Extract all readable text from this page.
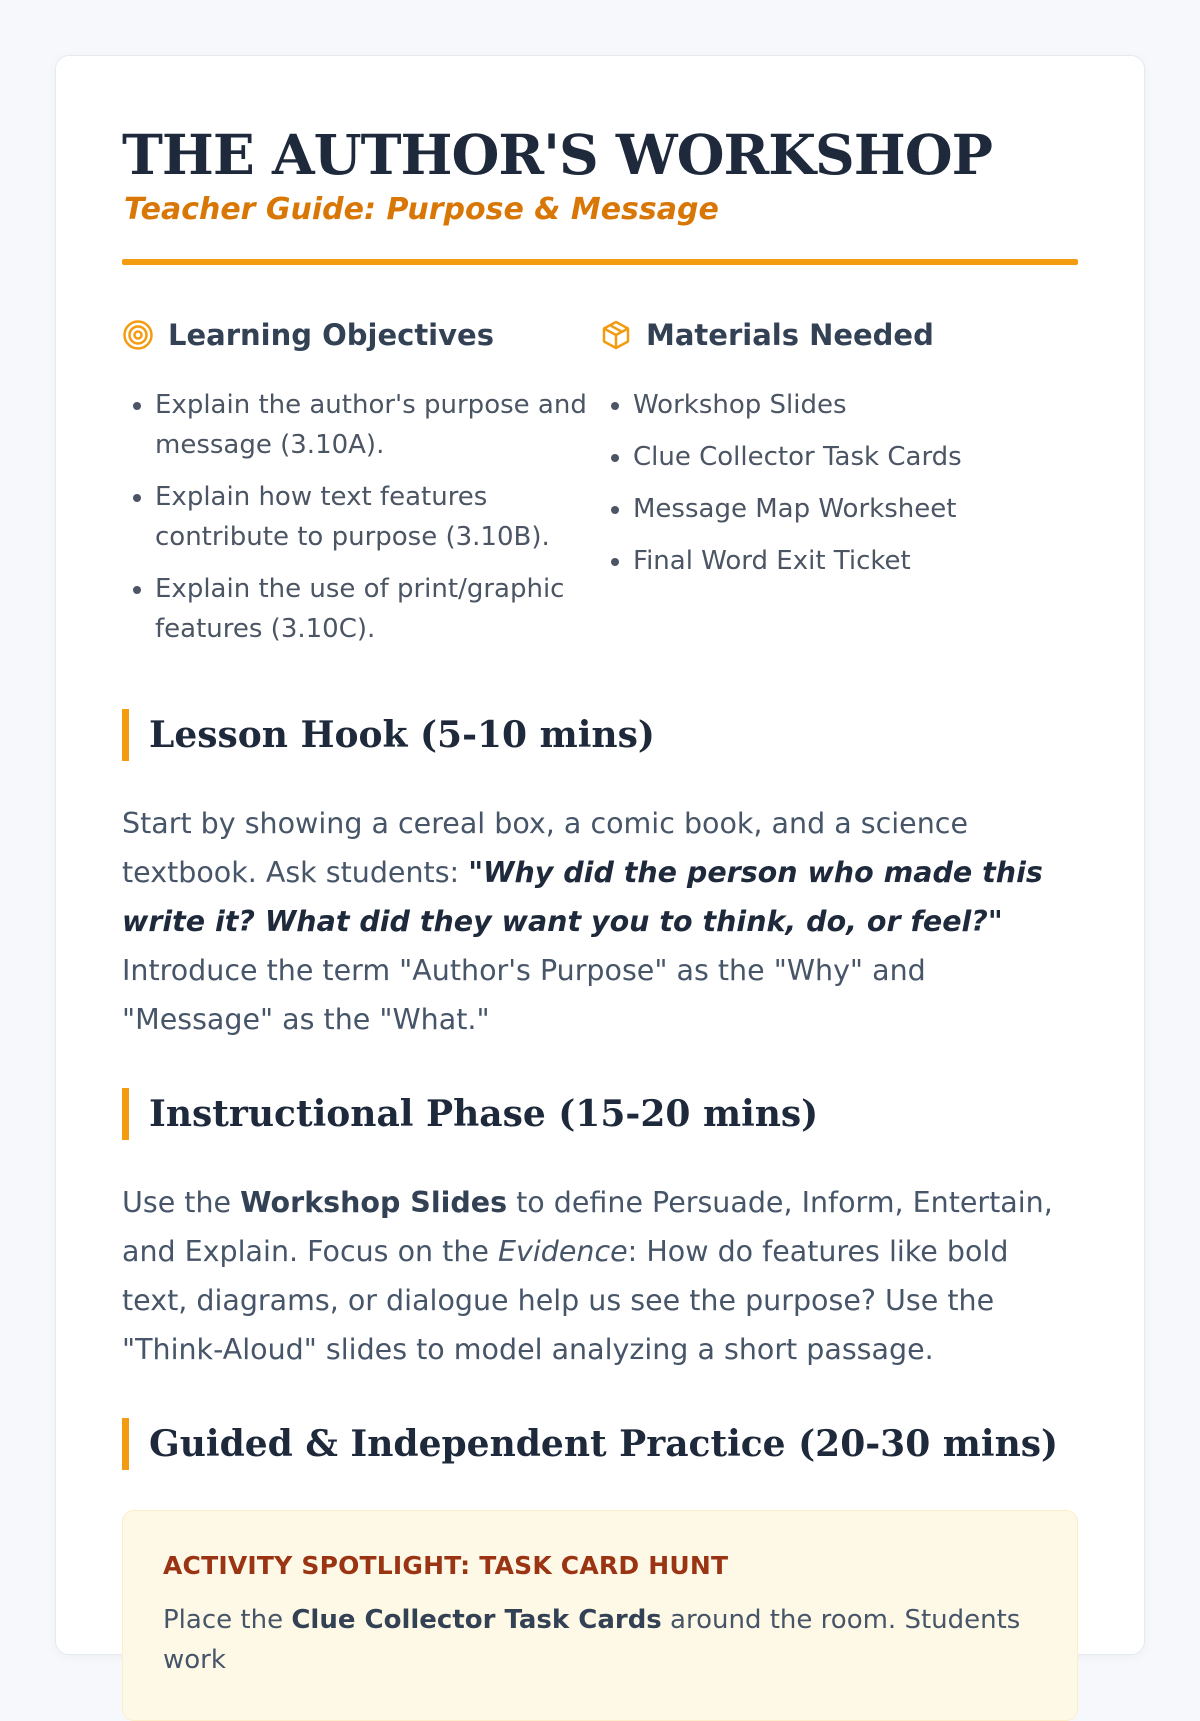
THE AUTHOR'S WORKSHOP
Teacher Guide: Purpose & Message
Learning Objectives
• Explain the author's purpose and message (3.10A).
• Explain how text features contribute to purpose (3.10B).
• Explain the use of print/graphic features (3.10C).
Materials Needed
• Workshop Slides
• Clue Collector Task Cards
• Message Map Worksheet
• Final Word Exit Ticket
Lesson Hook (5-10 mins)

Start by showing a cereal box, a comic book, and a science textbook. Ask students: "Why did the person who made this write it? What did they want you to think, do, or feel?" Introduce the term "Author's Purpose" as the "Why" and "Message" as the "What."

Instructional Phase (15-20 mins)

Use the Workshop Slides to define Persuade, Inform, Entertain, and Explain. Focus on the Evidence: How do features like bold text, diagrams, or dialogue help us see the purpose? Use the "Think-Aloud" slides to model analyzing a short passage.

Guided & Independent Practice (20-30 mins)
ACTIVITY SPOTLIGHT: TASK CARD HUNT
Place the Clue Collector Task Cards around the room. Students work
